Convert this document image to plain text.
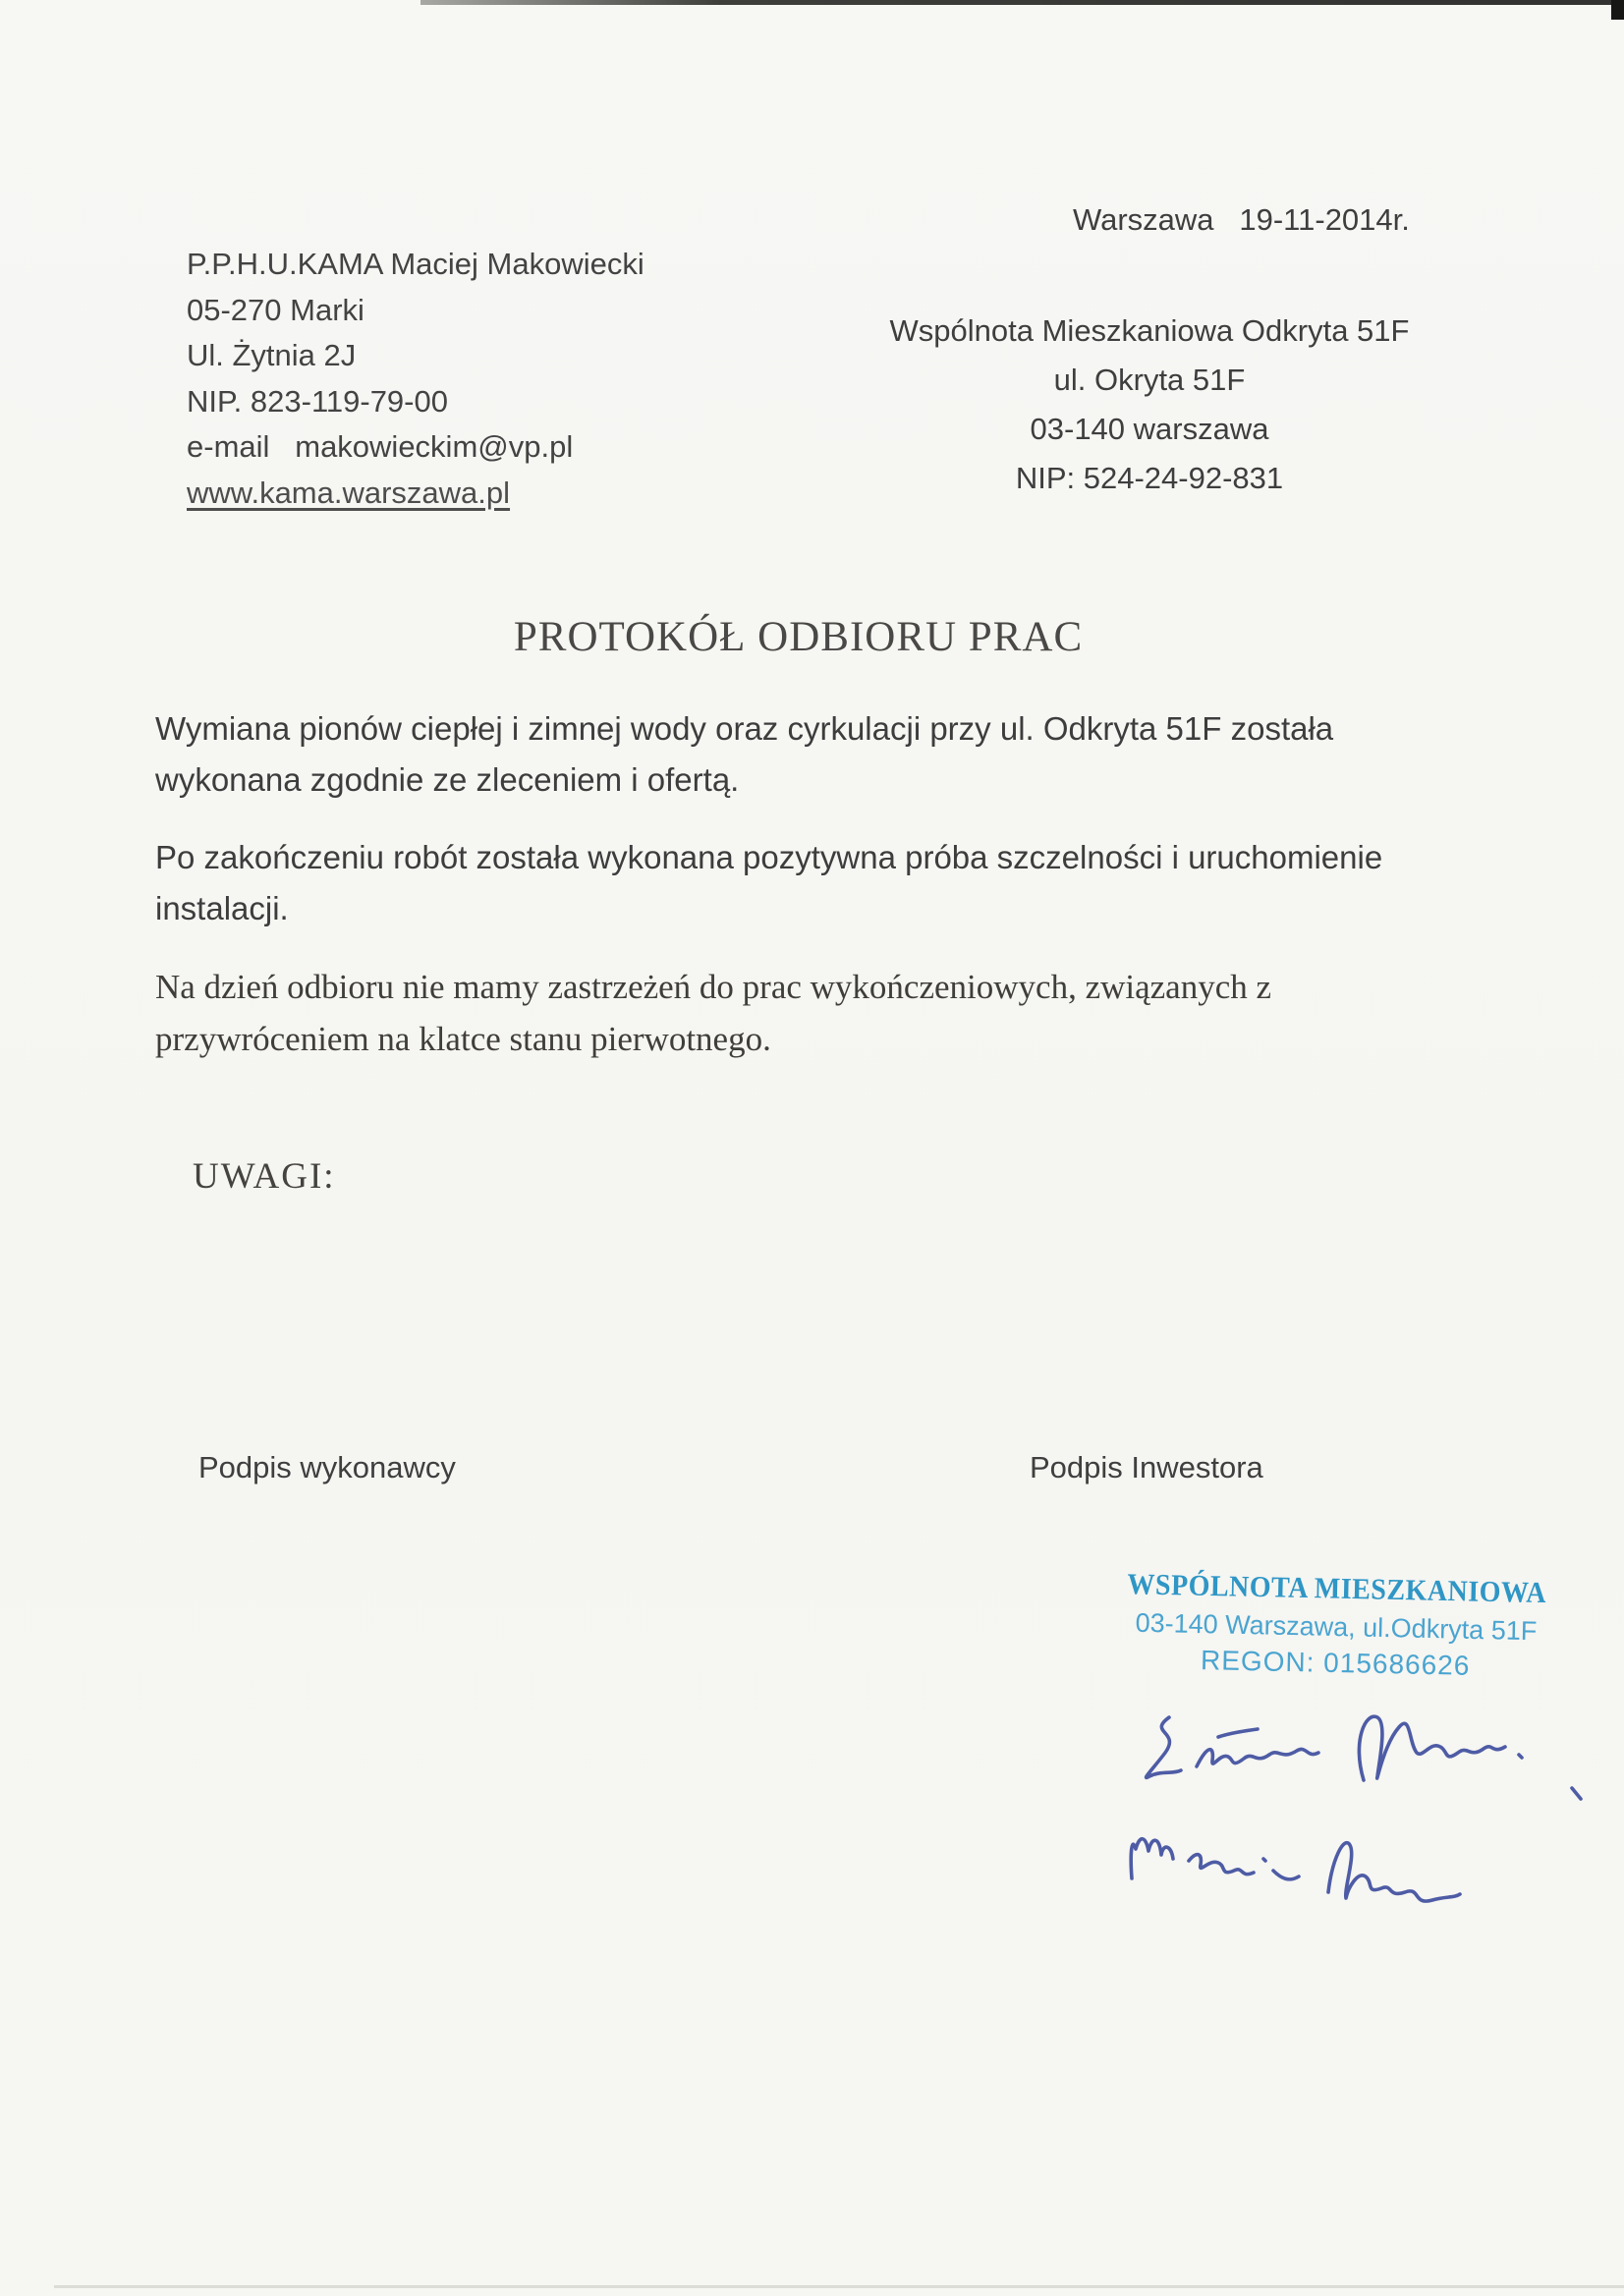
Warszawa   19-11-2014r.
P.P.H.U.KAMA Maciej Makowiecki
05-270 Marki
Ul. Żytnia 2J
NIP. 823-119-79-00
e-mail   makowieckim@vp.pl
www.kama.warszawa.pl
Wspólnota Mieszkaniowa Odkryta 51F
ul. Okryta 51F
03-140 warszawa
NIP: 524-24-92-831
PROTOKÓŁ ODBIORU PRAC

Wymiana pionów ciepłej i zimnej wody oraz cyrkulacji przy ul. Odkryta 51F została wykonana zgodnie ze zleceniem i ofertą.

Po zakończeniu robót została wykonana pozytywna próba szczelności i uruchomienie instalacji.

Na dzień odbioru nie mamy zastrzeżeń do prac wykończeniowych, związanych z przywróceniem na klatce stanu pierwotnego.

UWAGI:
Podpis wykonawcy	Podpis Inwestora
WSPÓLNOTA MIESZKANIOWA
03-140 Warszawa, ul.Odkryta 51F
REGON: 015686626
